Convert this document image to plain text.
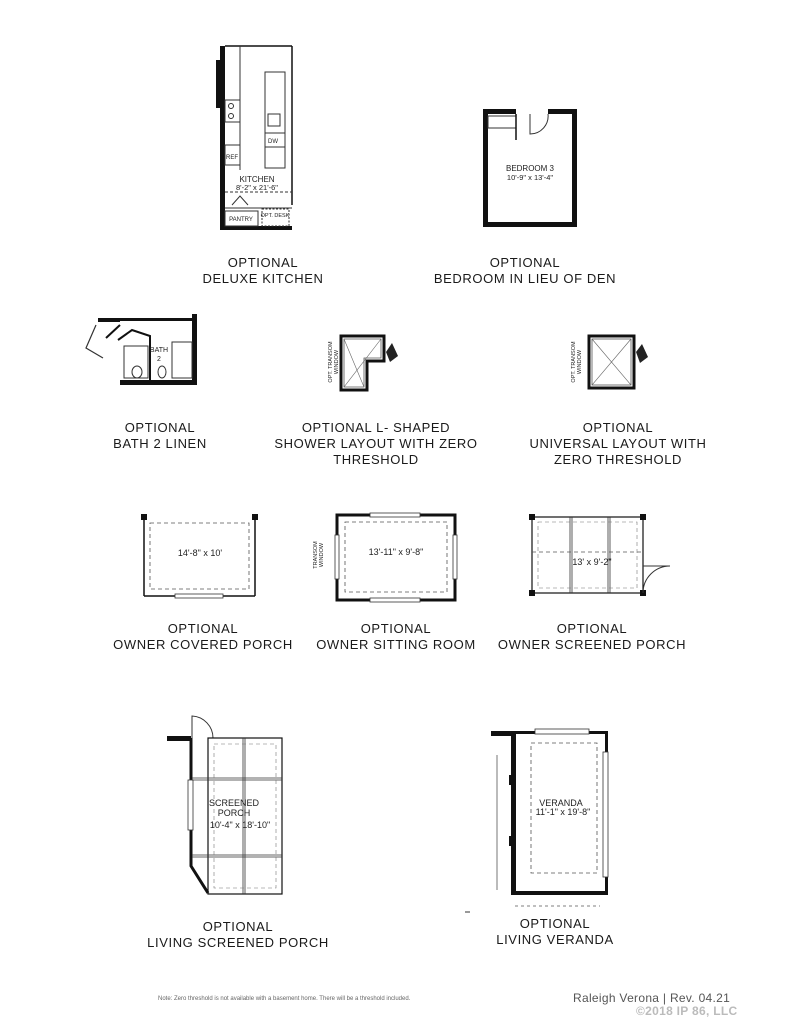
REF
DW
KITCHEN
8'-2" x 21'-6"
PANTRY
OPT. DESK
BEDROOM 3
10'-9" x 13'-4"
BATH
2	OPT. TRANSOM WINDOW	OPT. TRANSOM WINDOW
14'-8" x 10'	13'-11" x 9'-8"
TRANSOM WINDOW	13' x 9'-2"
SCREENED
PORCH
10'-4" x 18'-10"
VERANDA
11'-1" x 19'-8"
OPTIONAL
DELUXE KITCHEN
OPTIONAL
BEDROOM IN LIEU OF DEN
OPTIONAL
BATH 2 LINEN
OPTIONAL L- SHAPED
SHOWER LAYOUT WITH ZERO
THRESHOLD
OPTIONAL
UNIVERSAL LAYOUT WITH
ZERO THRESHOLD
OPTIONAL
OWNER COVERED PORCH
OPTIONAL
OWNER SITTING ROOM
OPTIONAL
OWNER SCREENED PORCH
OPTIONAL
LIVING SCREENED PORCH
OPTIONAL
LIVING VERANDA
Note: Zero threshold is not available with a basement home. There will be a threshold included.	Raleigh Verona | Rev. 04.21
©2018 IP 86, LLC
